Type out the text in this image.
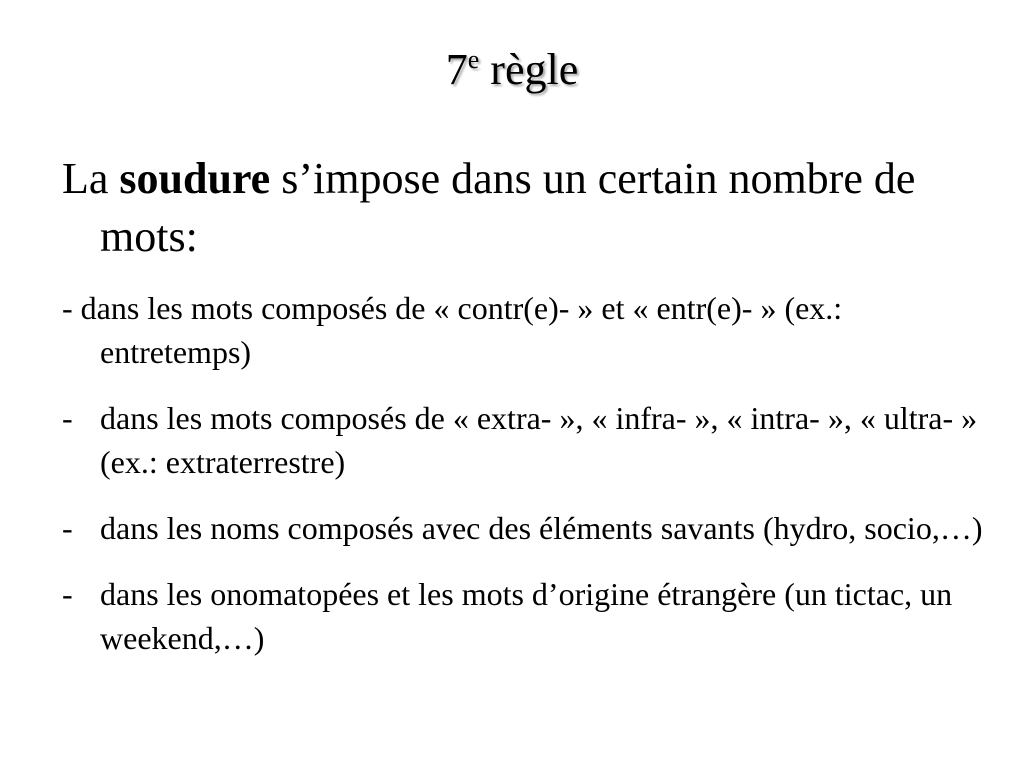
7e règle
La soudure s’impose dans un certain nombre de mots:
- dans les mots composés de « contr(e)- » et « entr(e)- » (ex.: entretemps)
- dans les mots composés de « extra- », « infra- », « intra- », « ultra- » (ex.: extraterrestre)
- dans les noms composés avec des éléments savants (hydro, socio,…)
- dans les onomatopées et les mots d’origine étrangère (un tictac, un weekend,…)
